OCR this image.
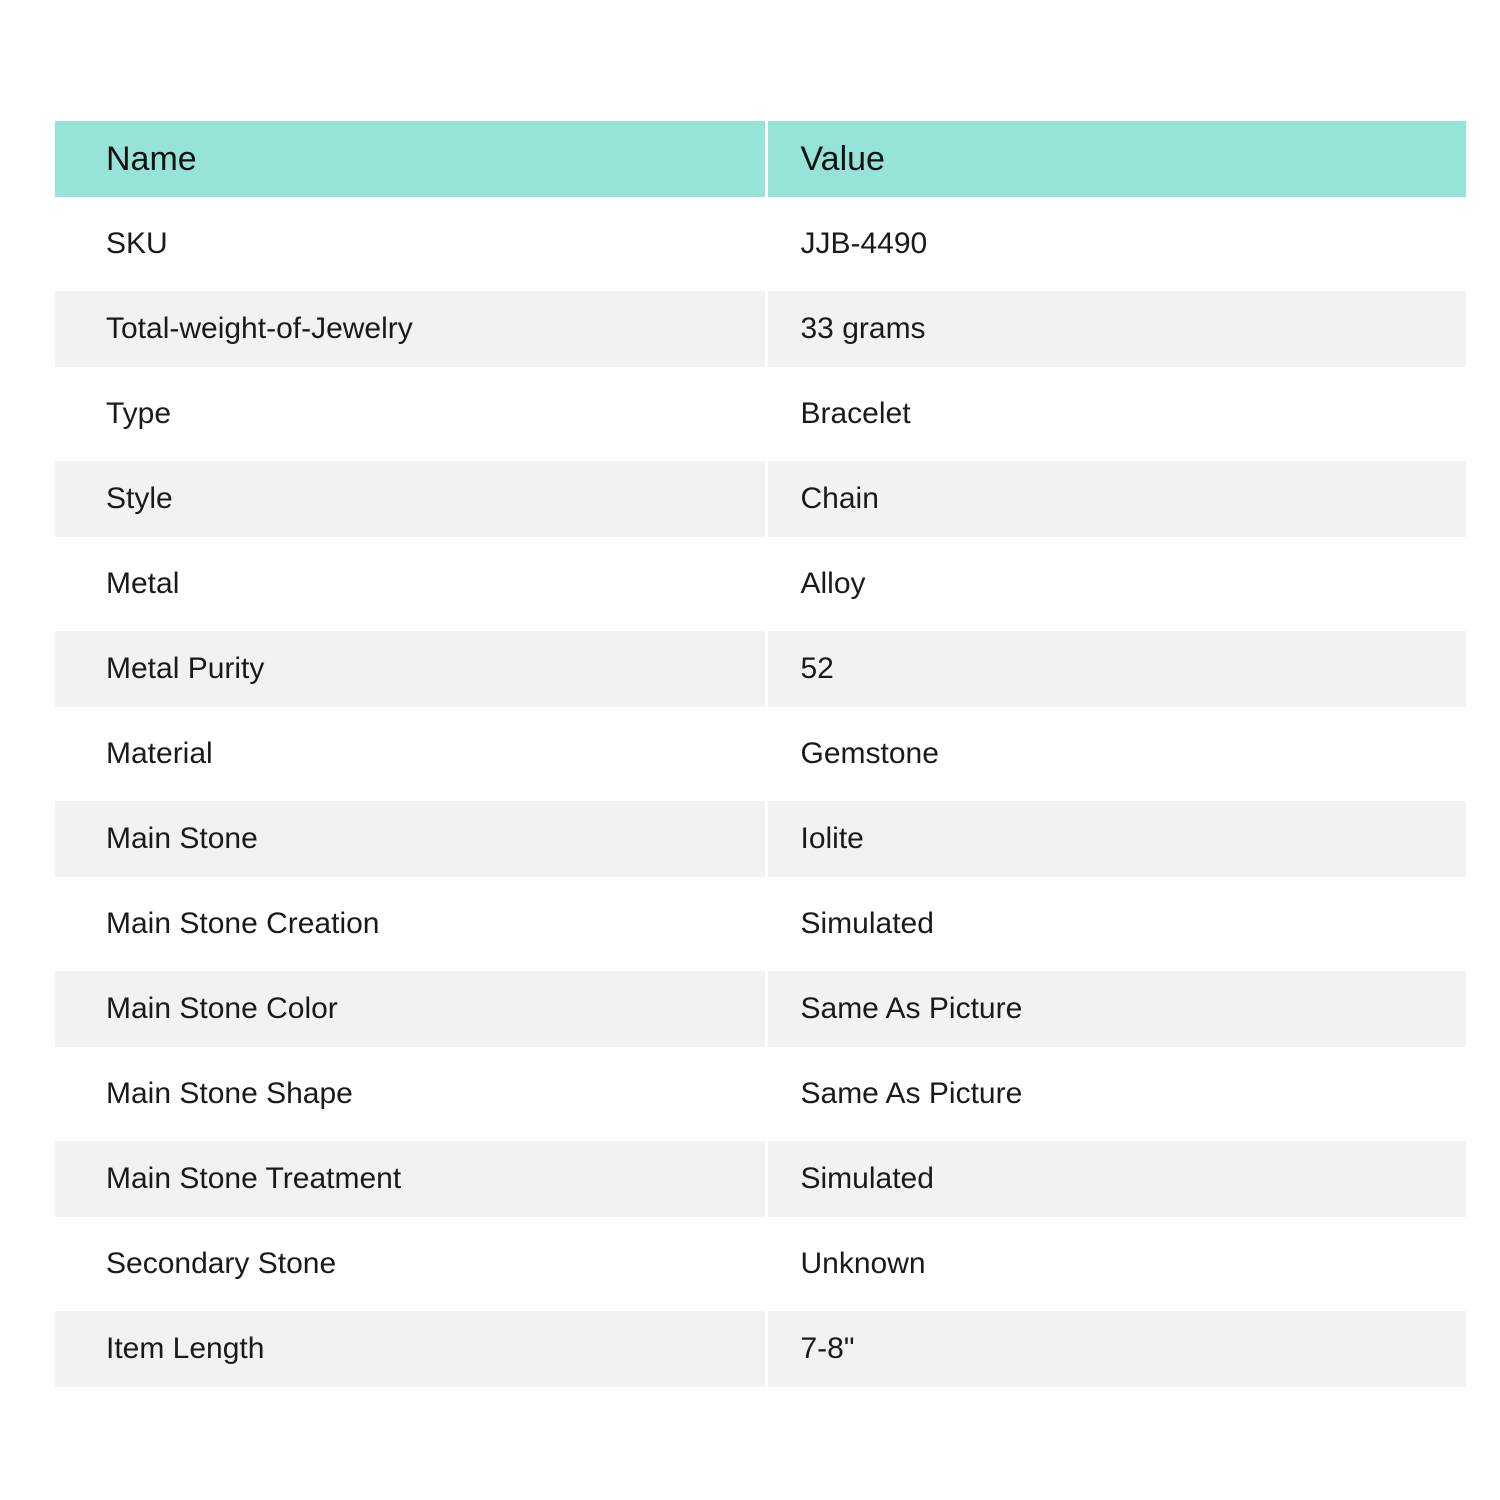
Name	Value
SKU	JJB-4490
Total-weight-of-Jewelry	33 grams
Type	Bracelet
Style	Chain
Metal	Alloy
Metal Purity	52
Material	Gemstone
Main Stone	Iolite
Main Stone Creation	Simulated
Main Stone Color	Same As Picture
Main Stone Shape	Same As Picture
Main Stone Treatment	Simulated
Secondary Stone	Unknown
Item Length	7-8"
